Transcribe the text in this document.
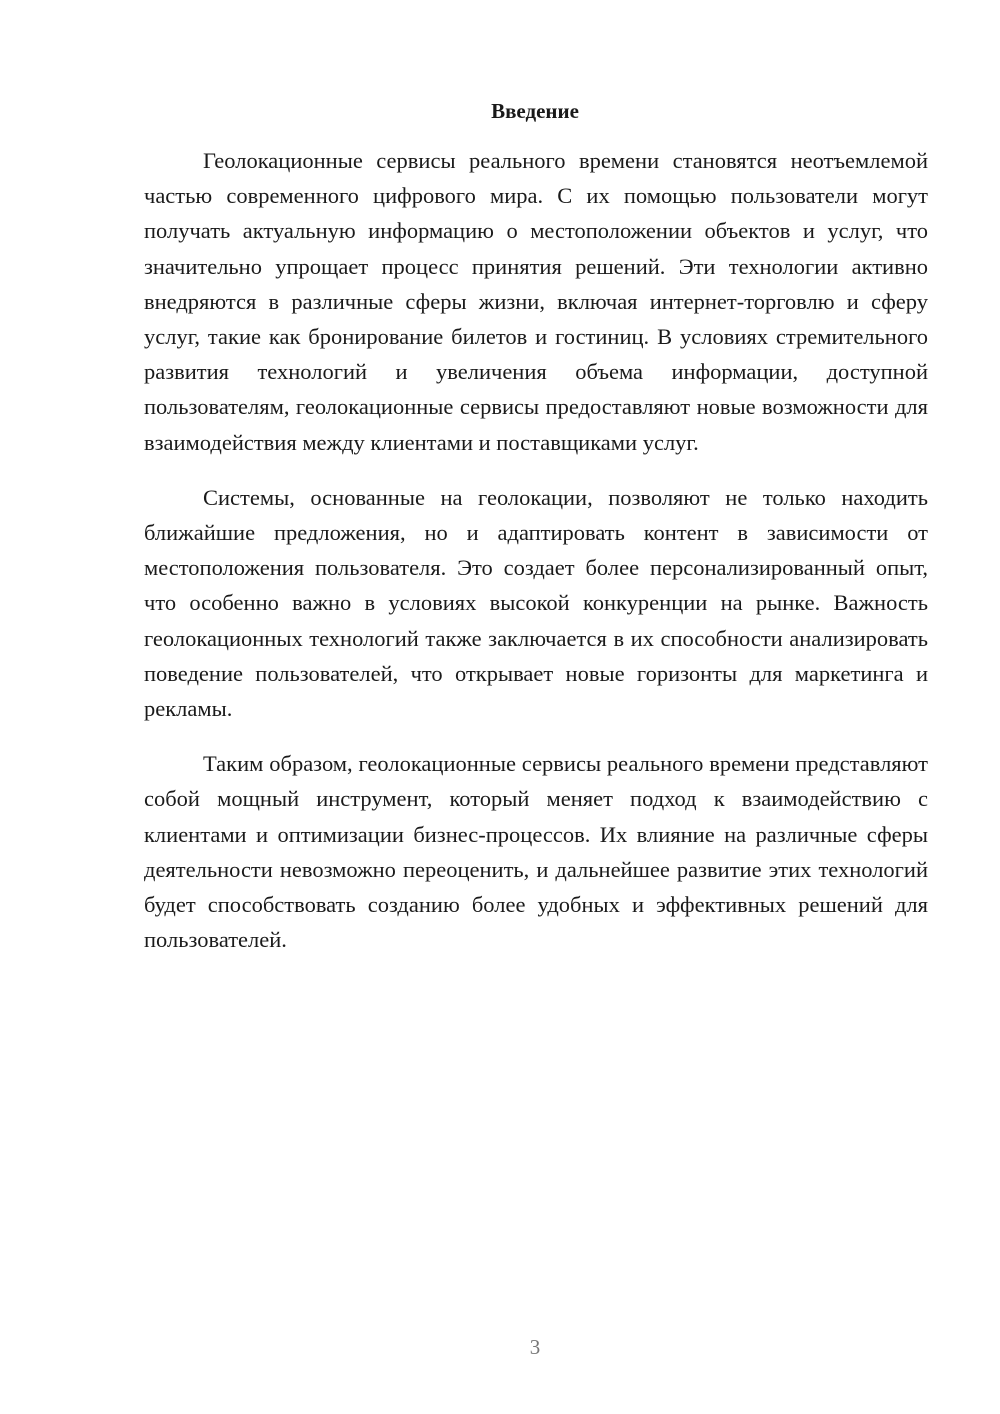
Введение

Геолокационные сервисы реального времени становятся неотъемлемой частью современного цифрового мира. С их помощью пользователи могут получать актуальную информацию о местоположении объектов и услуг, что значительно упрощает процесс принятия решений. Эти технологии активно внедряются в различные сферы жизни, включая интернет-торговлю и сферу услуг, такие как бронирование билетов и гостиниц. В условиях стремительного развития технологий и увеличения объема информации, доступной пользователям, геолокационные сервисы предоставляют новые возможности для взаимодействия между клиентами и поставщиками услуг.

Системы, основанные на геолокации, позволяют не только находить ближайшие предложения, но и адаптировать контент в зависимости от местоположения пользователя. Это создает более персонализированный опыт, что особенно важно в условиях высокой конкуренции на рынке. Важность геолокационных технологий также заключается в их способности анализировать поведение пользователей, что открывает новые горизонты для маркетинга и рекламы.

Таким образом, геолокационные сервисы реального времени представляют собой мощный инструмент, который меняет подход к взаимодействию с клиентами и оптимизации бизнес-процессов. Их влияние на различные сферы деятельности невозможно переоценить, и дальнейшее развитие этих технологий будет способствовать созданию более удобных и эффективных решений для пользователей.

3
